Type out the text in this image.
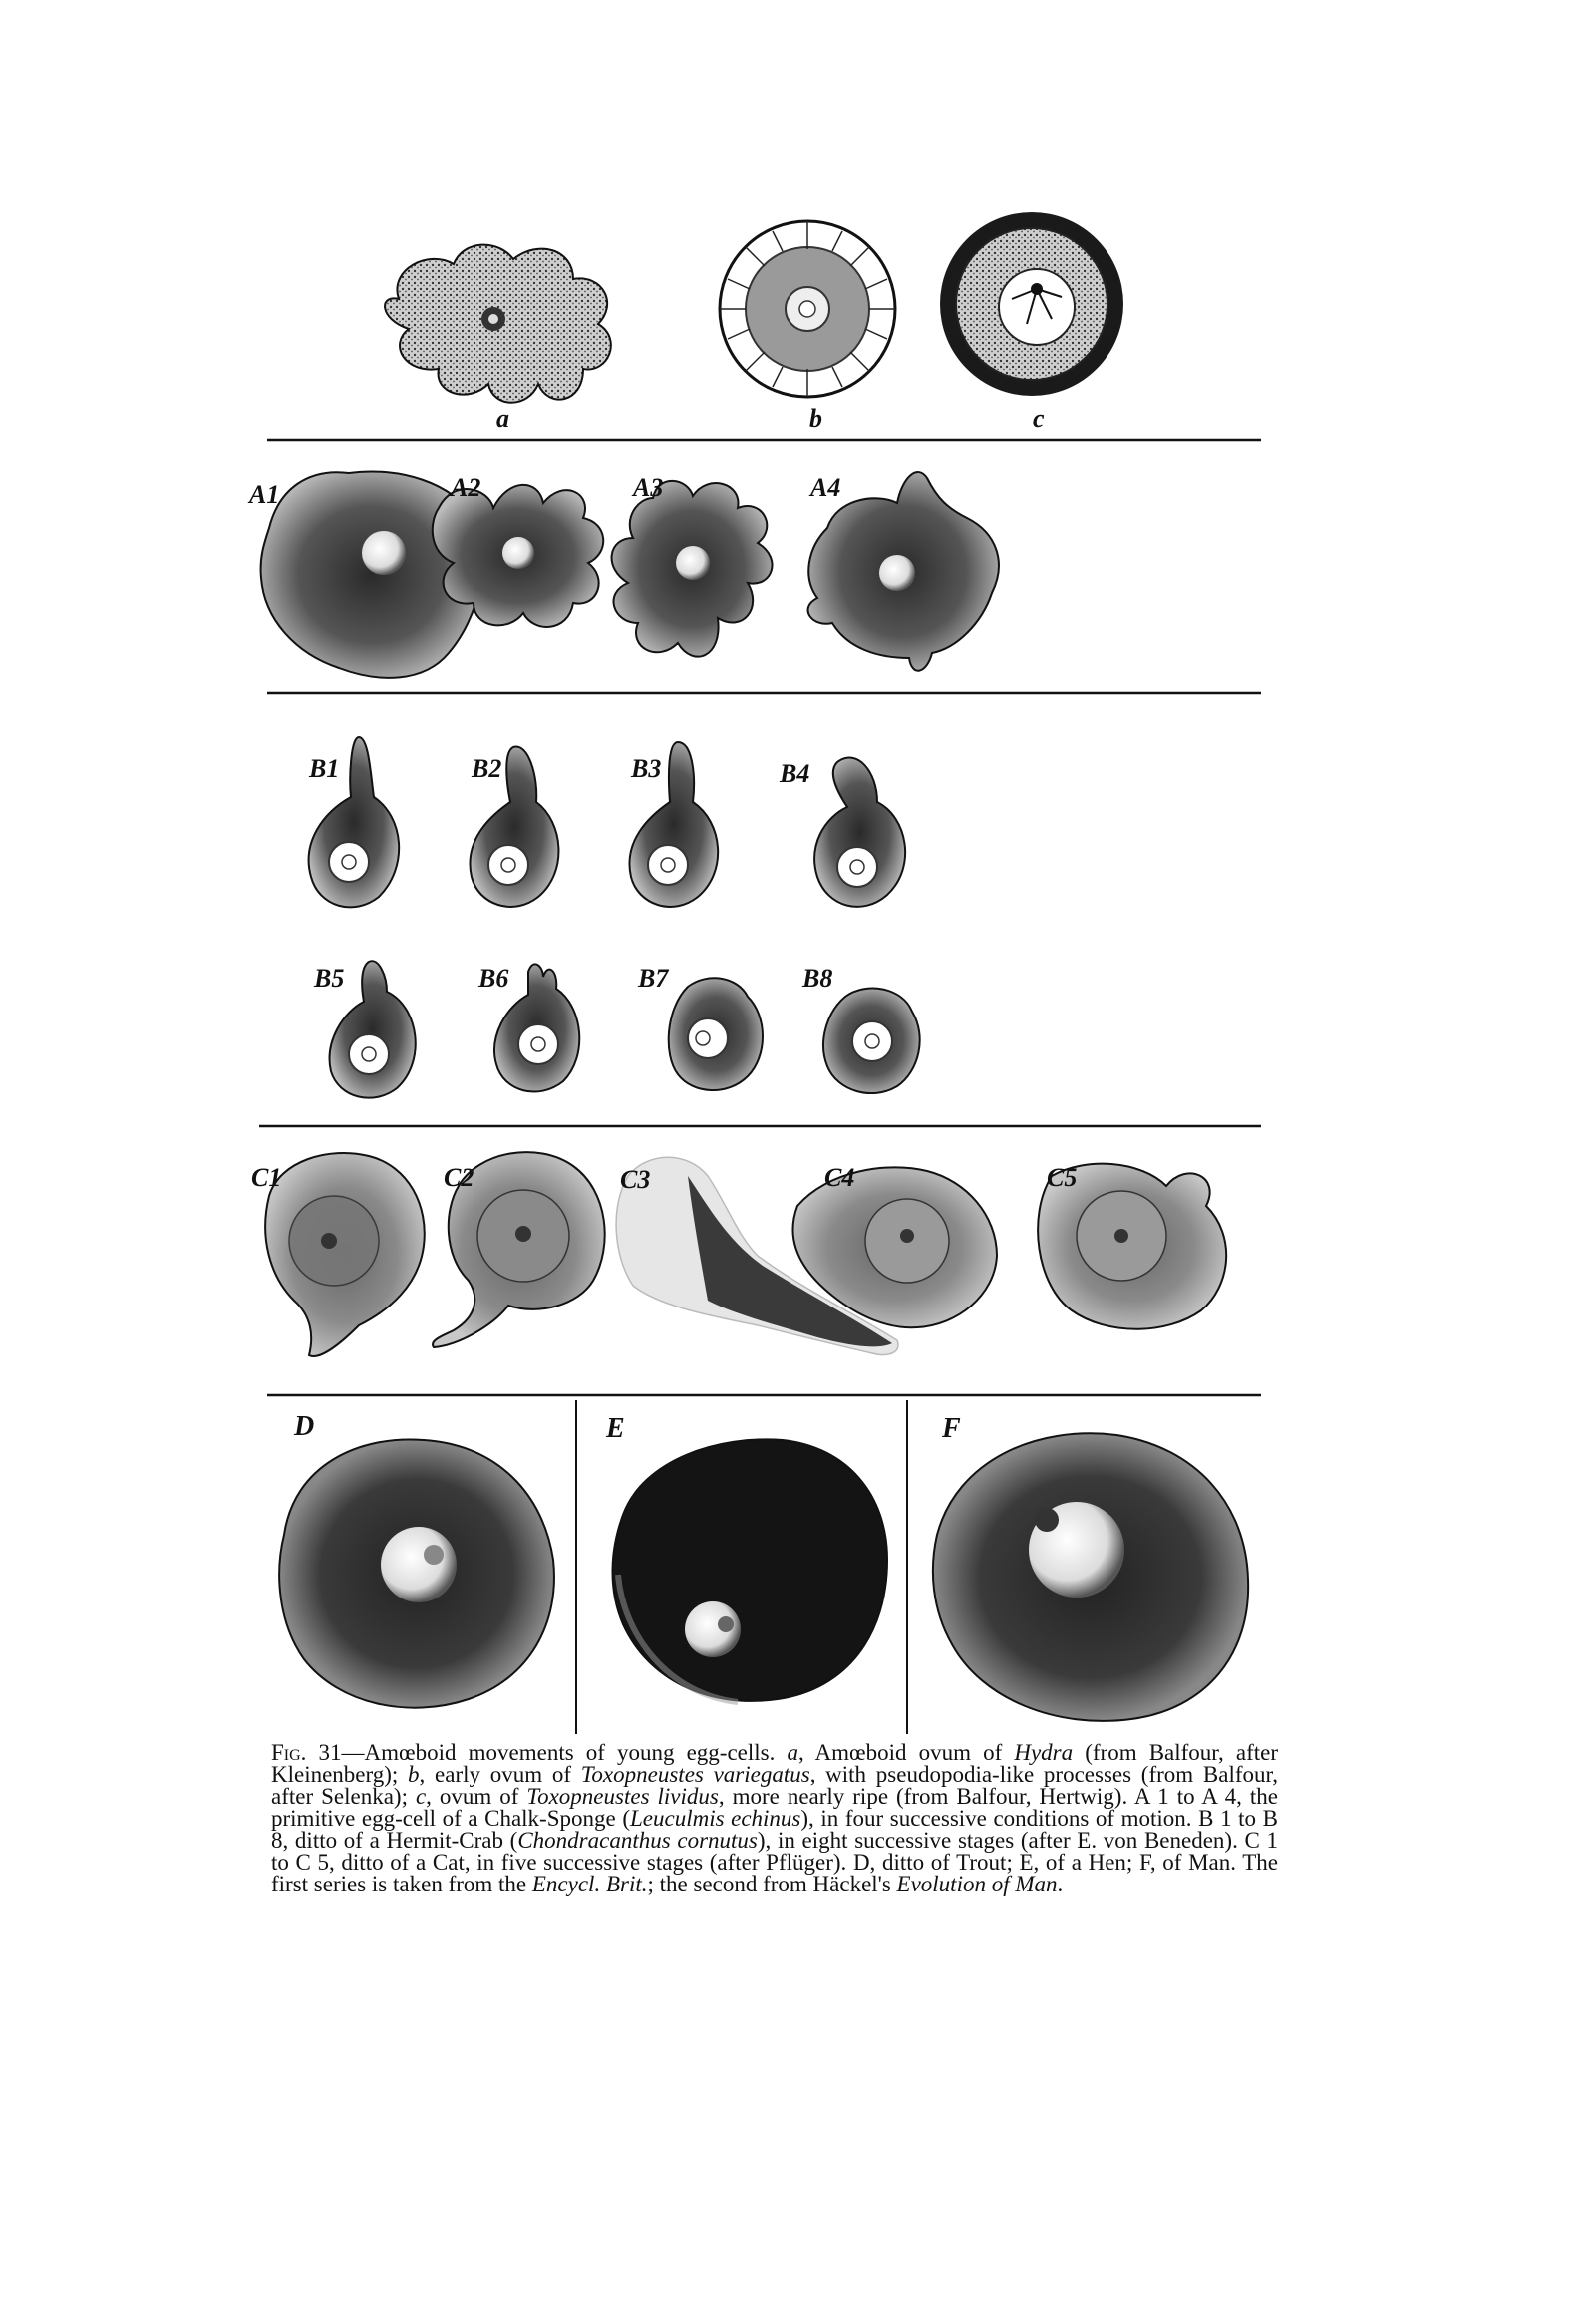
a	b	c
A1	A2	A3	A4
B1	B2	B3	B4
B5	B6	B7	B8
C1	C2	C3	C4	C5
D	E	F
Fig. 31—Amœboid movements of young egg-cells. a, Amœboid ovum of Hydra (from Balfour, after Kleinenberg); b, early ovum of Toxopneustes variegatus, with pseudopodia-like processes (from Balfour, after Selenka); c, ovum of Toxopneustes lividus, more nearly ripe (from Balfour, Hertwig). A 1 to A 4, the primitive egg-cell of a Chalk-Sponge (Leuculmis echinus), in four successive conditions of motion. B 1 to B 8, ditto of a Hermit-Crab (Chondracanthus cornutus), in eight successive stages (after E. von Beneden). C 1 to C 5, ditto of a Cat, in five successive stages (after Pflüger). D, ditto of Trout; E, of a Hen; F, of Man. The first series is taken from the Encycl. Brit.; the second from Häckel's Evolution of Man.
